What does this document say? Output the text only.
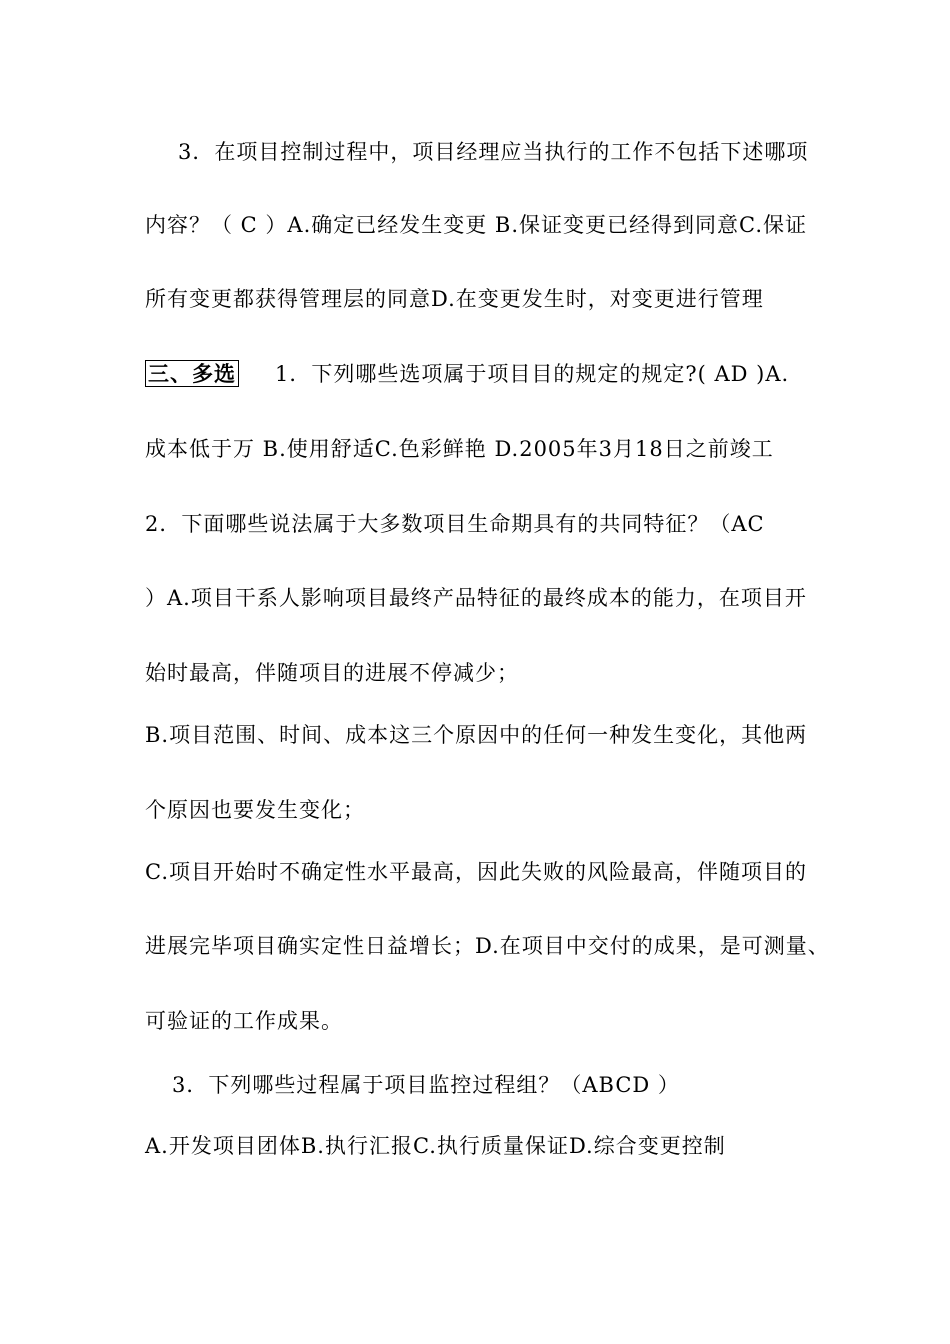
3．在项目控制过程中，项目经理应当执行的工作不包括下述哪项
内容？（ C ）A.确定已经发生变更 B.保证变更已经得到同意C.保证
所有变更都获得管理层的同意D.在变更发生时，对变更进行管理
三、多选 1．下列哪些选项属于项目目的规定的规定?( AD )A.
成本低于万 B.使用舒适C.色彩鲜艳 D.2005年3月18日之前竣工
2．下面哪些说法属于大多数项目生命期具有的共同特征？（AC
）A.项目干系人影响项目最终产品特征的最终成本的能力，在项目开
始时最高，伴随项目的进展不停减少；
B.项目范围、时间、成本这三个原因中的任何一种发生变化，其他两
个原因也要发生变化；
C.项目开始时不确定性水平最高，因此失败的风险最高，伴随项目的
进展完毕项目确实定性日益增长；D.在项目中交付的成果，是可测量、
可验证的工作成果。
3．下列哪些过程属于项目监控过程组？（ABCD ）
A.开发项目团体B.执行汇报C.执行质量保证D.综合变更控制
